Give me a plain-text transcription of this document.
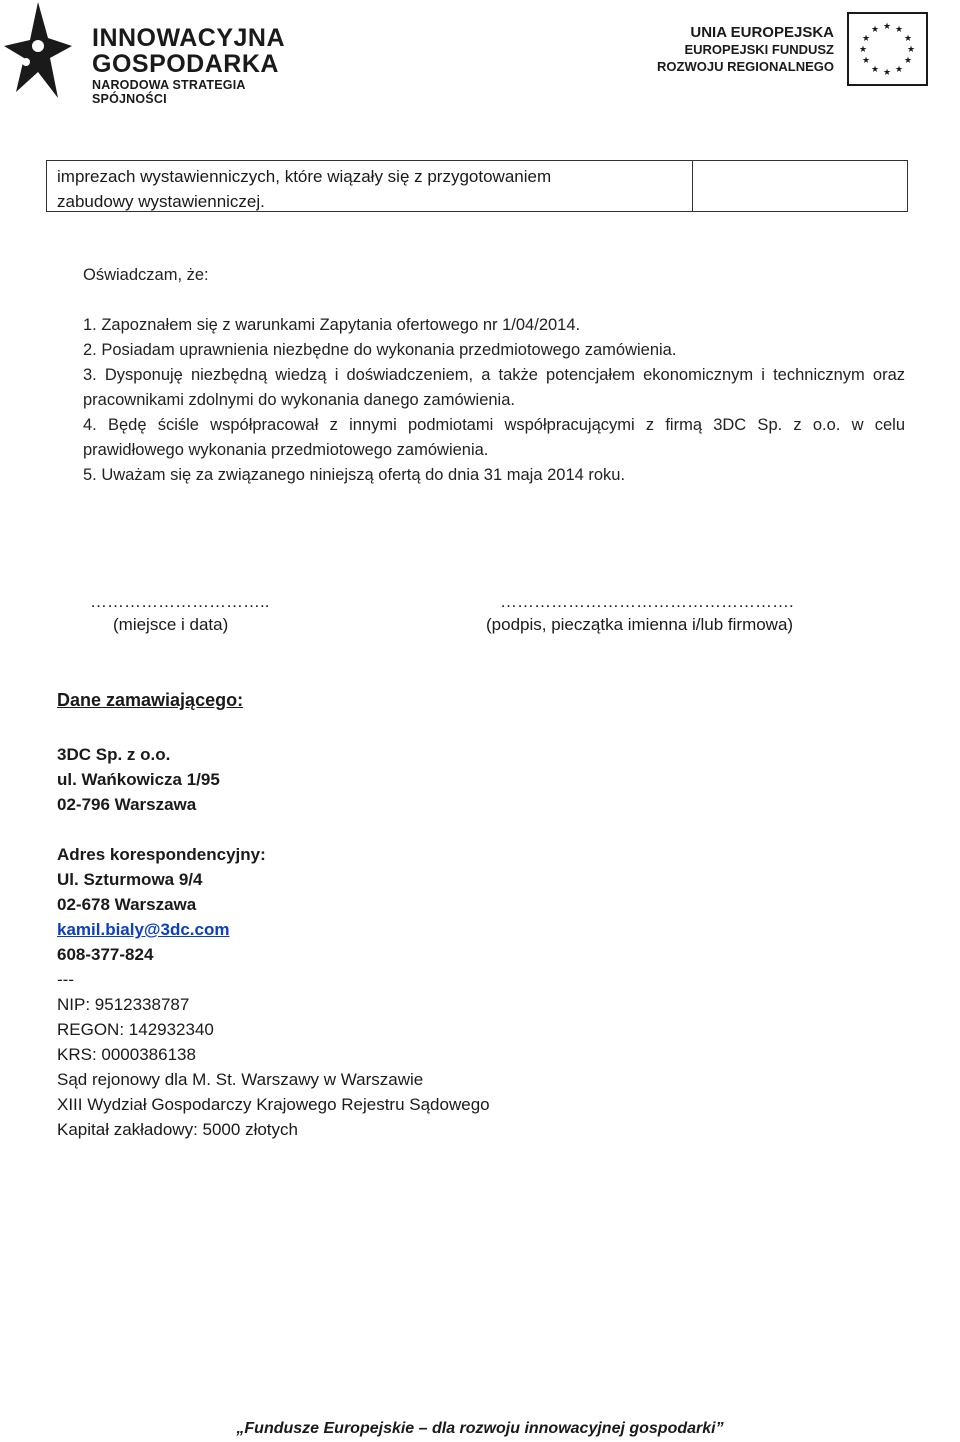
INNOWACYJNA
GOSPODARKA
NARODOWA STRATEGIA SPÓJNOŚCI
UNIA EUROPEJSKA
EUROPEJSKI FUNDUSZ
ROZWOJU REGIONALNEGO
★ ★
★
★
★
★
★
★
★
★
★
★
imprezach wystawienniczych, które wiązały się z przygotowaniem
zabudowy wystawienniczej.
Oświadczam, że:
1. Zapoznałem się z warunkami Zapytania ofertowego nr 1/04/2014.
2. Posiadam uprawnienia niezbędne do wykonania przedmiotowego zamówienia.
3. Dysponuję niezbędną wiedzą i doświadczeniem, a także potencjałem ekonomicznym i technicznym oraz pracownikami zdolnymi do wykonania danego zamówienia.
4. Będę ściśle współpracował z innymi podmiotami współpracującymi z firmą 3DC Sp. z o.o. w celu prawidłowego wykonania przedmiotowego zamówienia.
5. Uważam się za związanego niniejszą ofertą do dnia 31 maja 2014 roku.
…………………………..
(miejsce i data)
…………………………………………….
(podpis, pieczątka imienna i/lub firmowa)
Dane zamawiającego:
3DC Sp. z o.o.
ul. Wańkowicza 1/95
02-796 Warszawa
Adres korespondencyjny:
Ul. Szturmowa 9/4
02-678 Warszawa
kamil.bialy@3dc.com
608-377-824
---
NIP: 9512338787
REGON: 142932340
KRS: 0000386138
Sąd rejonowy dla M. St. Warszawy w Warszawie
XIII Wydział Gospodarczy Krajowego Rejestru Sądowego
Kapitał zakładowy: 5000 złotych
„Fundusze Europejskie – dla rozwoju innowacyjnej gospodarki”
